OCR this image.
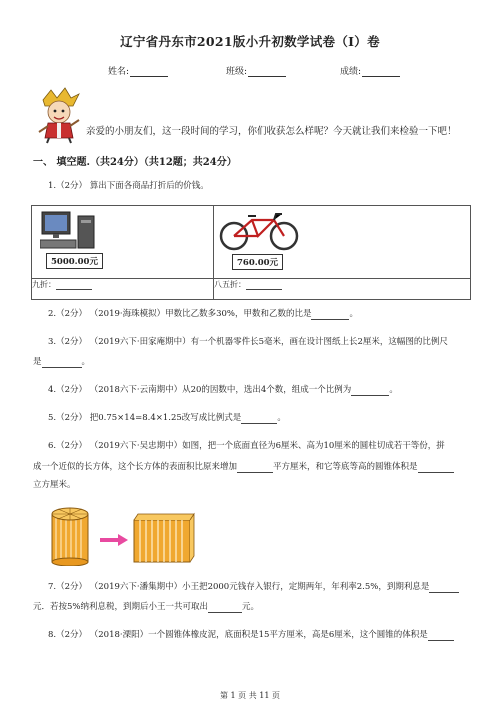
辽宁省丹东市2021版小升初数学试卷（I）卷
姓名:	班级:	成绩:
亲爱的小朋友们，这一段时间的学习，你们收获怎么样呢？今天就让我们来检验一下吧！
一、 填空题.（共24分）（共12题；共24分）
1.（2分） 算出下面各商品打折后的价钱。
5000.00元	760.00元

九折：	八五折：
2.（2分） （2019·海珠模拟）甲数比乙数多30%，甲数和乙数的比是	。
3.（2分） （2019六下·田家庵期中）有一个机器零件长5毫米，画在设计图纸上长2厘米，这幅图的比例尺
是	。
4.（2分） （2018六下·云南期中）从20的因数中，选出4个数，组成一个比例为	。
5.（2分） 把0.75×14=8.4×1.25改写成比例式是	。
6.（2分） （2019六下·吴忠期中）如图，把一个底面直径为6厘米、高为10厘米的圆柱切成若干等份，拼
成一个近似的长方体，这个长方体的表面积比原来增加	平方厘米，和它等底等高的圆锥体积是
立方厘米。
7.（2分） （2019六下·潘集期中）小王把2000元钱存入银行，定期两年，年利率2.5%，到期利息是
元．若按5%纳利息税，到期后小王一共可取出	元。
8.（2分） （2018·溧阳）一个圆锥体橡皮泥，底面积是15平方厘米，高是6厘米，这个圆锥的体积是
第 1 页 共 11 页
